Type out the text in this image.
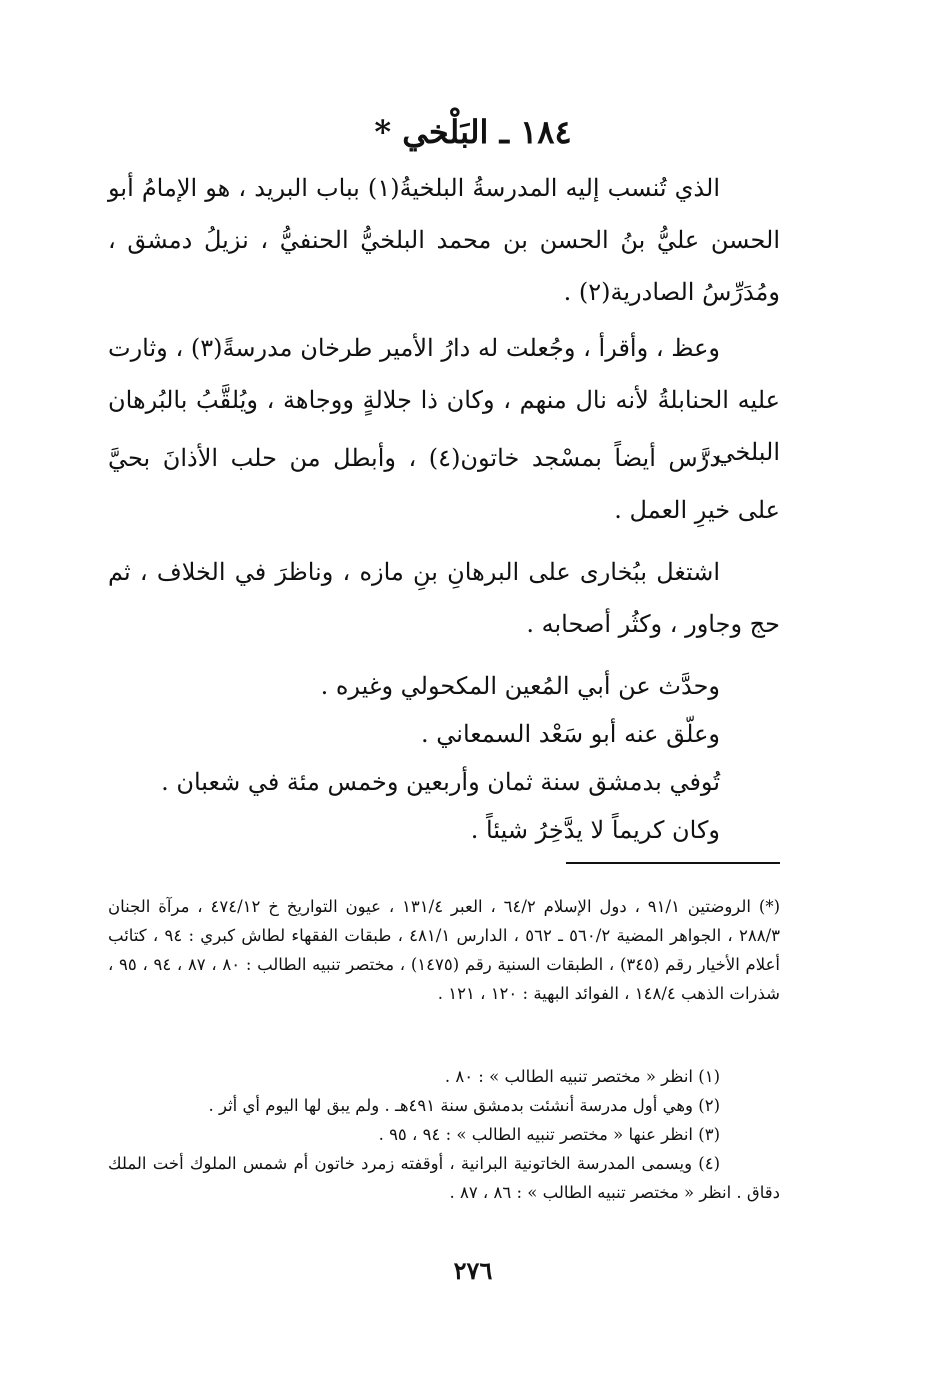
١٨٤ ـ البَلْخي *

الذي تُنسب إليه المدرسةُ البلخيةُ(١) بباب البريد ، هو الإمامُ أبو الحسن عليُّ بنُ الحسن بن محمد البلخيُّ الحنفيُّ ، نزيلُ دمشق ، ومُدَرِّسُ الصادرية(٢) .

وعظ ، وأقرأ ، وجُعلت له دارُ الأمير طرخان مدرسةً(٣) ، وثارت عليه الحنابلةُ لأنه نال منهم ، وكان ذا جلالةٍ ووجاهة ، ويُلقَّبُ بالبُرهان البلخي .

درَّس أيضاً بمسْجد خاتون(٤) ، وأبطل من حلب الأذانَ بحيَّ على خيرِ العمل .

اشتغل ببُخارى على البرهانِ بنِ مازه ، وناظرَ في الخلاف ، ثم حج وجاور ، وكثُر أصحابه .

وحدَّث عن أبي المُعين المكحولي وغيره .

وعلّق عنه أبو سَعْد السمعاني .

تُوفي بدمشق سنة ثمان وأربعين وخمس مئة في شعبان .

وكان كريماً لا يدَّخِرُ شيئاً .

(*) الروضتين ٩١/١ ، دول الإسلام ٦٤/٢ ، العبر ١٣١/٤ ، عيون التواريخ خ ٤٧٤/١٢ ، مرآة الجنان ٢٨٨/٣ ، الجواهر المضية ٥٦٠/٢ ـ ٥٦٢ ، الدارس ٤٨١/١ ، طبقات الفقهاء لطاش كبري : ٩٤ ، كتائب أعلام الأخيار رقم (٣٤٥) ، الطبقات السنية رقم (١٤٧٥) ، مختصر تنبيه الطالب : ٨٠ ، ٨٧ ، ٩٤ ، ٩٥ ، شذرات الذهب ١٤٨/٤ ، الفوائد البهية : ١٢٠ ، ١٢١ .

(١) انظر « مختصر تنبيه الطالب » : ٨٠ .

(٢) وهي أول مدرسة أنشئت بدمشق سنة ٤٩١هـ . ولم يبق لها اليوم أي أثر .

(٣) انظر عنها « مختصر تنبيه الطالب » : ٩٤ ، ٩٥ .

(٤) ويسمى المدرسة الخاتونية البرانية ، أوقفته زمرد خاتون أم شمس الملوك أخت الملك دقاق . انظر « مختصر تنبيه الطالب » : ٨٦ ، ٨٧ .

٢٧٦
